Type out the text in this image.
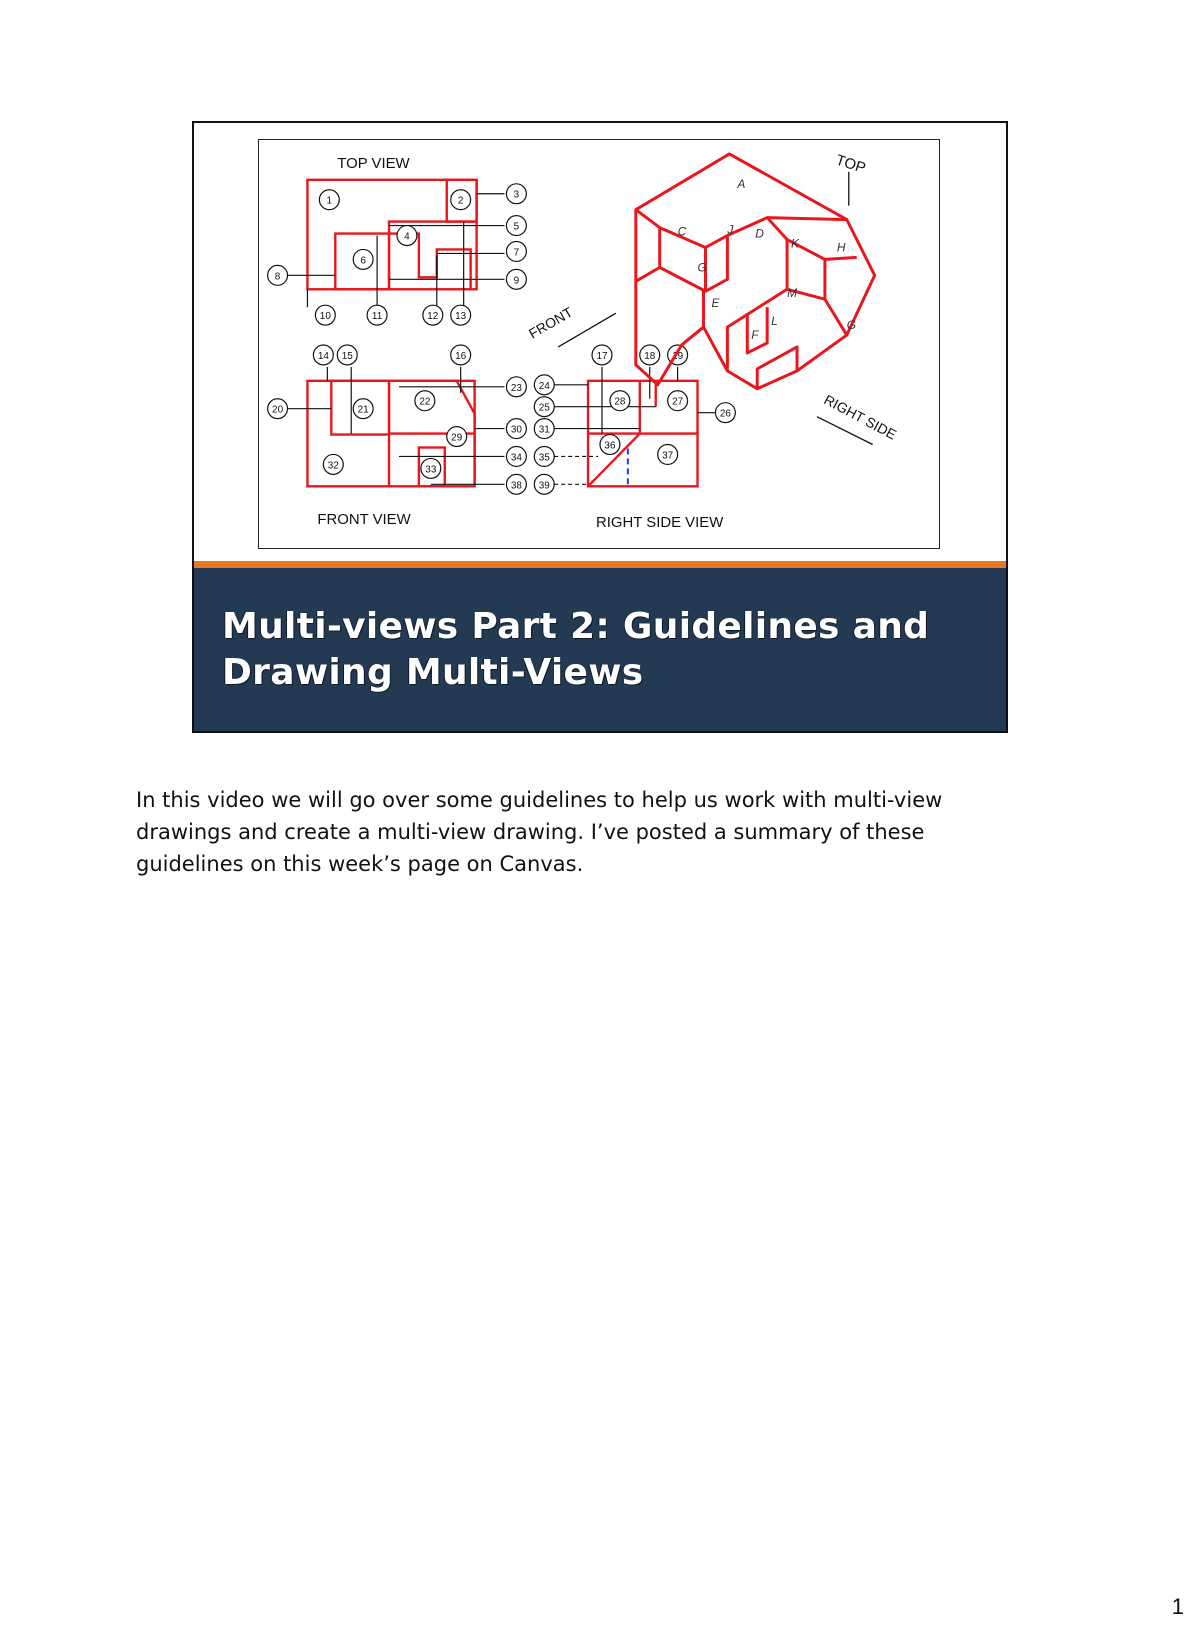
TOP VIEW
FRONT VIEW	RIGHT SIDE VIEW
1	2
3
4
5
6
7
8	9
10	11	12 13
14 15	16	17	18 19
20	21
22
23 24
25
26
27
28
29
30 31
32	33
34 35
36
37
38 39
A
C	J D
K	H
G
M
E
F
L
G
TOP
FRONT
RIGHT SIDE
Multi-views Part 2: Guidelines and Drawing Multi-Views

In this video we will go over some guidelines to help us work with multi-view drawings and create a multi-view drawing. I’ve posted a summary of these guidelines on this week’s page on Canvas.

1
